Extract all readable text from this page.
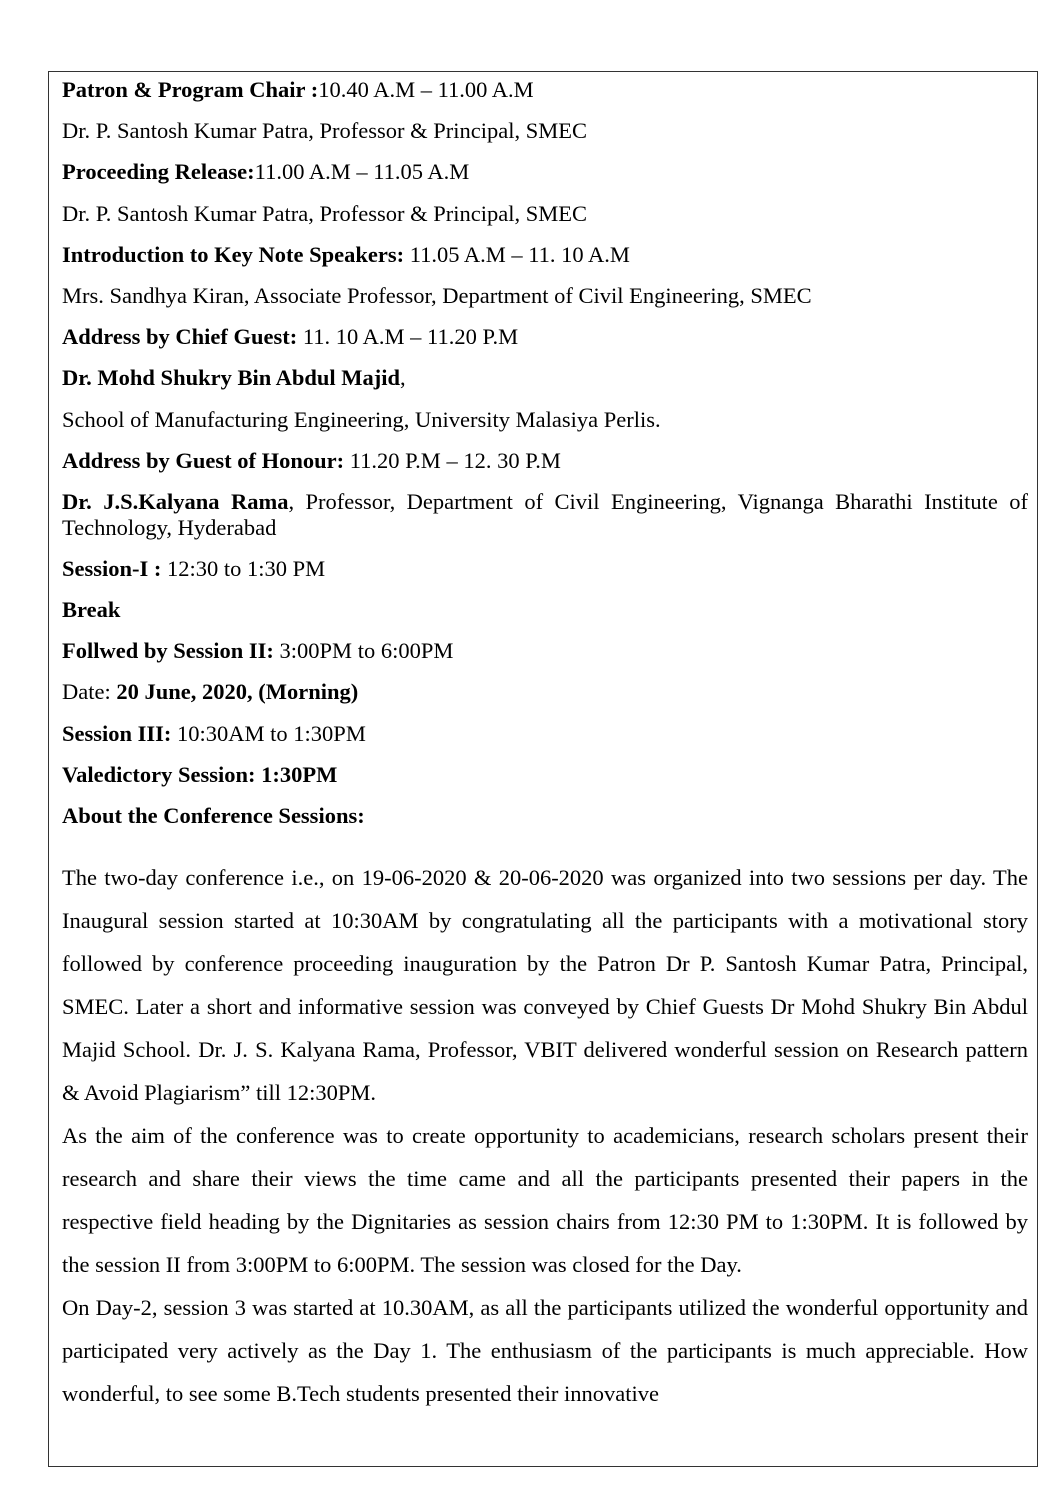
Patron & Program Chair :10.40 A.M – 11.00 A.M
Dr. P. Santosh Kumar Patra, Professor & Principal, SMEC
Proceeding Release:11.00 A.M – 11.05 A.M
Dr. P. Santosh Kumar Patra, Professor & Principal, SMEC
Introduction to Key Note Speakers: 11.05 A.M – 11. 10 A.M
Mrs. Sandhya Kiran, Associate Professor, Department of Civil Engineering, SMEC
Address by Chief Guest: 11. 10 A.M – 11.20 P.M
Dr. Mohd Shukry Bin Abdul Majid,
School of Manufacturing Engineering, University Malasiya Perlis.
Address by Guest of Honour: 11.20 P.M – 12. 30 P.M
Dr. J.S.Kalyana Rama, Professor, Department of Civil Engineering, Vignanga Bharathi Institute of Technology, Hyderabad
Session-I : 12:30 to 1:30 PM
Break
Follwed by Session II: 3:00PM to 6:00PM
Date: 20 June, 2020, (Morning)
Session III: 10:30AM to 1:30PM
Valedictory Session: 1:30PM
About the Conference Sessions:

The two-day conference i.e., on 19-06-2020 & 20-06-2020 was organized into two sessions per day. The Inaugural session started at 10:30AM by congratulating all the participants with a motivational story followed by conference proceeding inauguration by the Patron Dr P. Santosh Kumar Patra, Principal, SMEC. Later a short and informative session was conveyed by Chief Guests Dr Mohd Shukry Bin Abdul Majid School. Dr. J. S. Kalyana Rama, Professor, VBIT delivered wonderful session on Research pattern & Avoid Plagiarism” till 12:30PM.

As the aim of the conference was to create opportunity to academicians, research scholars present their research and share their views the time came and all the participants presented their papers in the respective field heading by the Dignitaries as session chairs from 12:30 PM to 1:30PM. It is followed by the session II from 3:00PM to 6:00PM. The session was closed for the Day.

On Day-2, session 3 was started at 10.30AM, as all the participants utilized the wonderful opportunity and participated very actively as the Day 1. The enthusiasm of the participants is much appreciable. How wonderful, to see some B.Tech students presented their innovative
